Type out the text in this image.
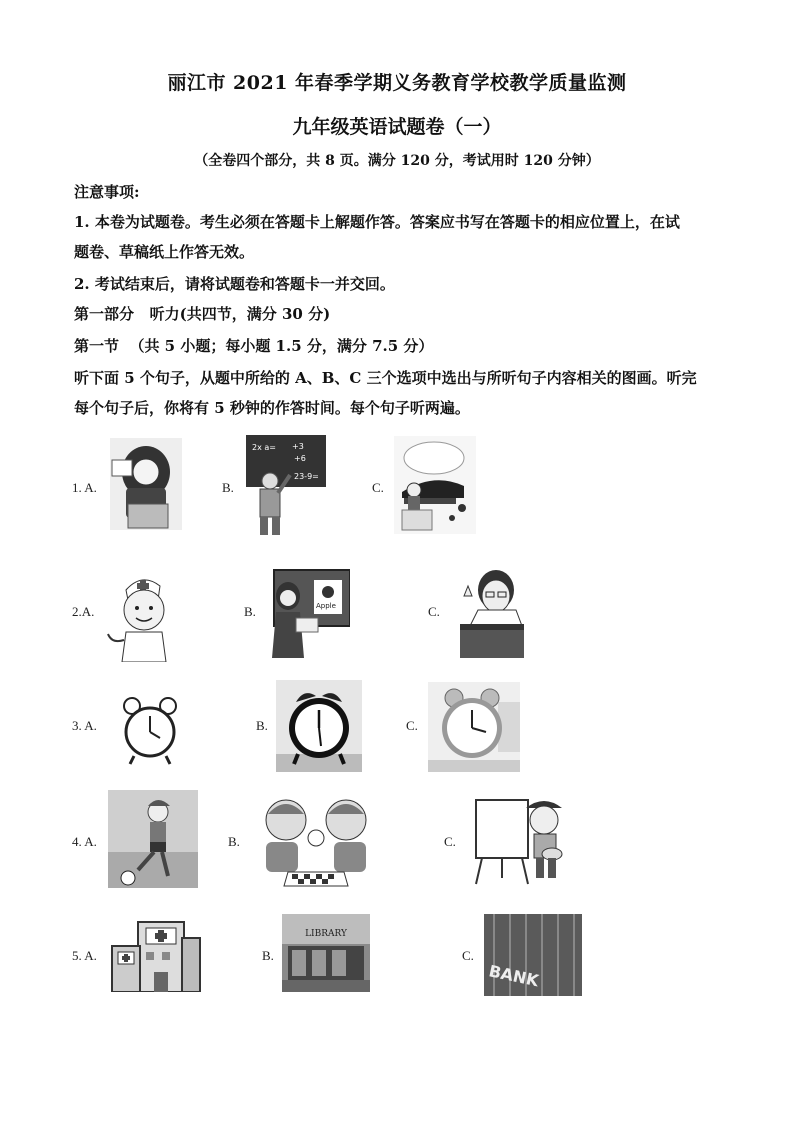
丽江市 2021 年春季学期义务教育学校教学质量监测
九年级英语试题卷（一）
（全卷四个部分，共 8 页。满分 120 分，考试用时 120 分钟）
注意事项:
1. 本卷为试题卷。考生必须在答题卡上解题作答。答案应书写在答题卡的相应位置上，在试
题卷、草稿纸上作答无效。
2. 考试结束后，请将试题卷和答题卡一并交回。
第一部分   听力(共四节，满分 30 分)
第一节  （共 5 小题；每小题 1.5 分，满分 7.5 分）
听下面 5 个句子，从题中所给的 A、B、C 三个选项中选出与所听句子内容相关的图画。听完
每个句子后，你将有 5 秒钟的作答时间。每个句子听两遍。
1. A.	B.
2x a= +3
+6
23-9=
C.
2.A.	B.	Apple	C.
3. A.	B.	C.
4. A.	B.	C.
5. A.	B.
LIBRARY
C.
BANK
